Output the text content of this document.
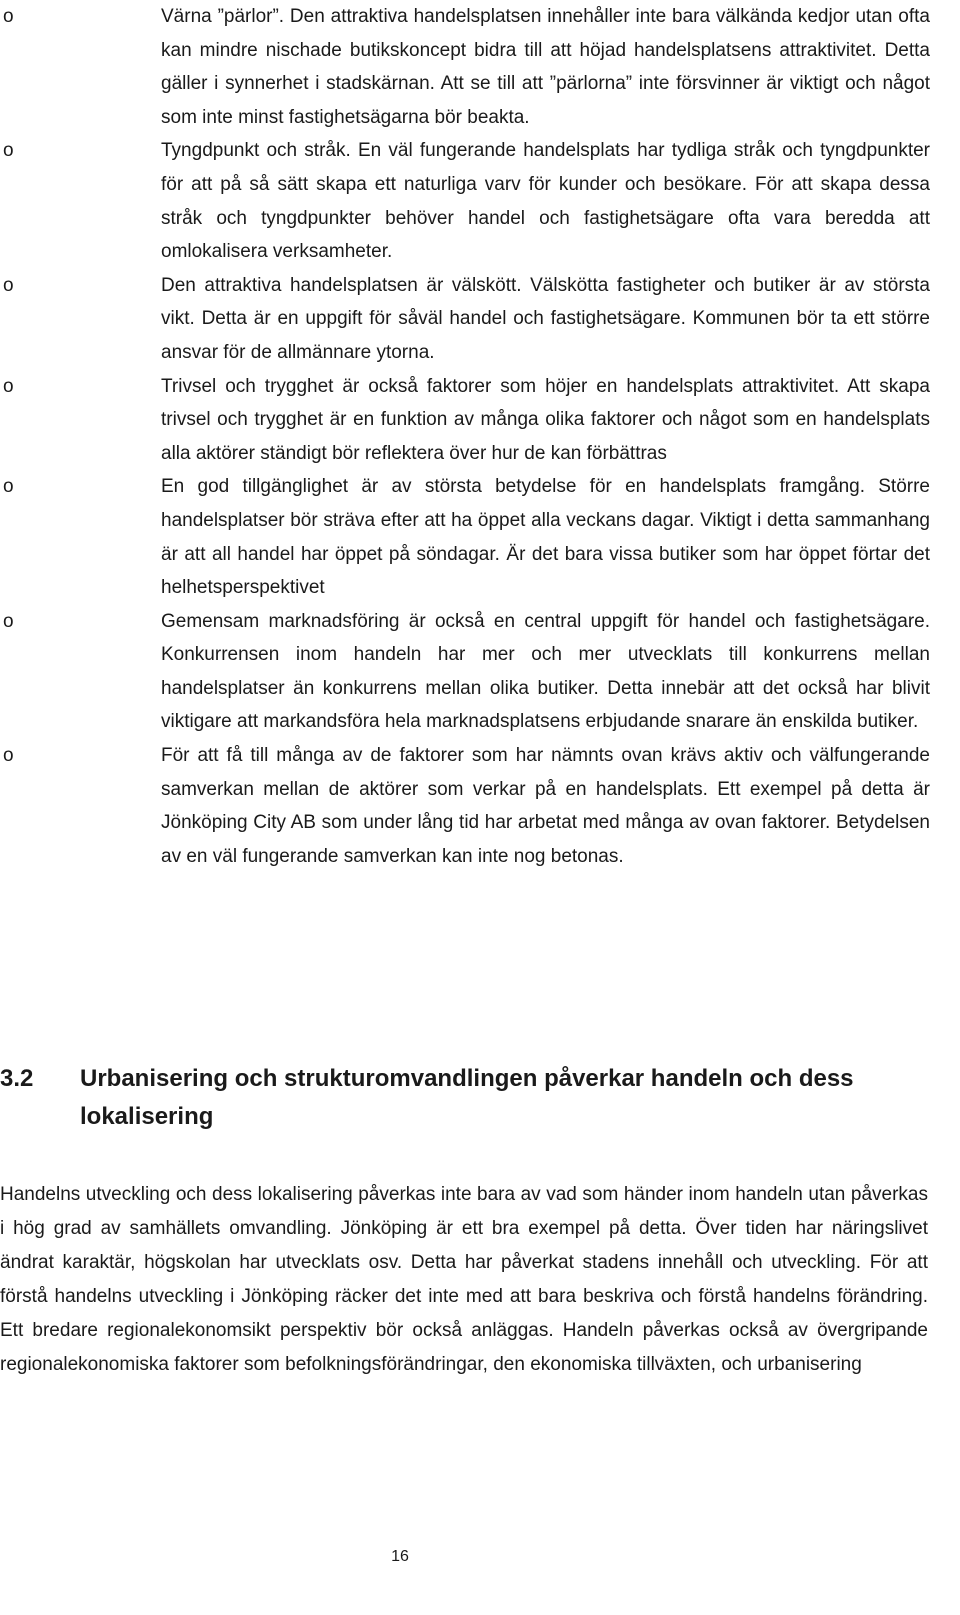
o	Värna ”pärlor”. Den attraktiva handelsplatsen innehåller inte bara välkända kedjor utan ofta kan mindre nischade butikskoncept bidra till att höjad handelsplatsens attraktivitet. Detta gäller i synnerhet i stadskärnan. Att se till att ”pärlorna” inte försvinner är viktigt och något som inte minst fastighetsägarna bör beakta.
o	Tyngdpunkt och stråk. En väl fungerande handelsplats har tydliga stråk och tyngdpunkter för att på så sätt skapa ett naturliga varv för kunder och besökare. För att skapa dessa stråk och tyngdpunkter behöver handel och fastighetsägare ofta vara beredda att omlokalisera verksamheter.
o	Den attraktiva handelsplatsen är välskött. Välskötta fastigheter och butiker är av största vikt. Detta är en uppgift för såväl handel och fastighetsägare. Kommunen bör ta ett större ansvar för de allmännare ytorna.
o	Trivsel och trygghet är också faktorer som höjer en handelsplats attraktivitet. Att skapa trivsel och trygghet är en funktion av många olika faktorer och något som en handelsplats alla aktörer ständigt bör reflektera över hur de kan förbättras
o	En god tillgänglighet är av största betydelse för en handelsplats framgång. Större handelsplatser bör sträva efter att ha öppet alla veckans dagar. Viktigt i detta sammanhang är att all handel har öppet på söndagar. Är det bara vissa butiker som har öppet förtar det helhetsperspektivet
o	Gemensam marknadsföring är också en central uppgift för handel och fastighetsägare. Konkurrensen inom handeln har mer och mer utvecklats till konkurrens mellan handelsplatser än konkurrens mellan olika butiker. Detta innebär att det också har blivit viktigare att markandsföra hela marknadsplatsens erbjudande snarare än enskilda butiker.
o	För att få till många av de faktorer som har nämnts ovan krävs aktiv och välfungerande samverkan mellan de aktörer som verkar på en handelsplats. Ett exempel på detta är Jönköping City AB som under lång tid har arbetat med många av ovan faktorer. Betydelsen av en väl fungerande samverkan kan inte nog betonas.
3.2	Urbanisering och strukturomvandlingen påverkar handeln och dess lokalisering

Handelns utveckling och dess lokalisering påverkas inte bara av vad som händer inom handeln utan påverkas i hög grad av samhällets omvandling. Jönköping är ett bra exempel på detta. Över tiden har näringslivet ändrat karaktär, högskolan har utvecklats osv. Detta har påverkat stadens innehåll och utveckling. För att förstå handelns utveckling i Jönköping räcker det inte med att bara beskriva och förstå handelns förändring. Ett bredare regionalekonomsikt perspektiv bör också anläggas. Handeln påverkas också av övergripande regionalekonomiska faktorer som befolkningsförändringar, den ekonomiska tillväxten, och urbanisering

16
